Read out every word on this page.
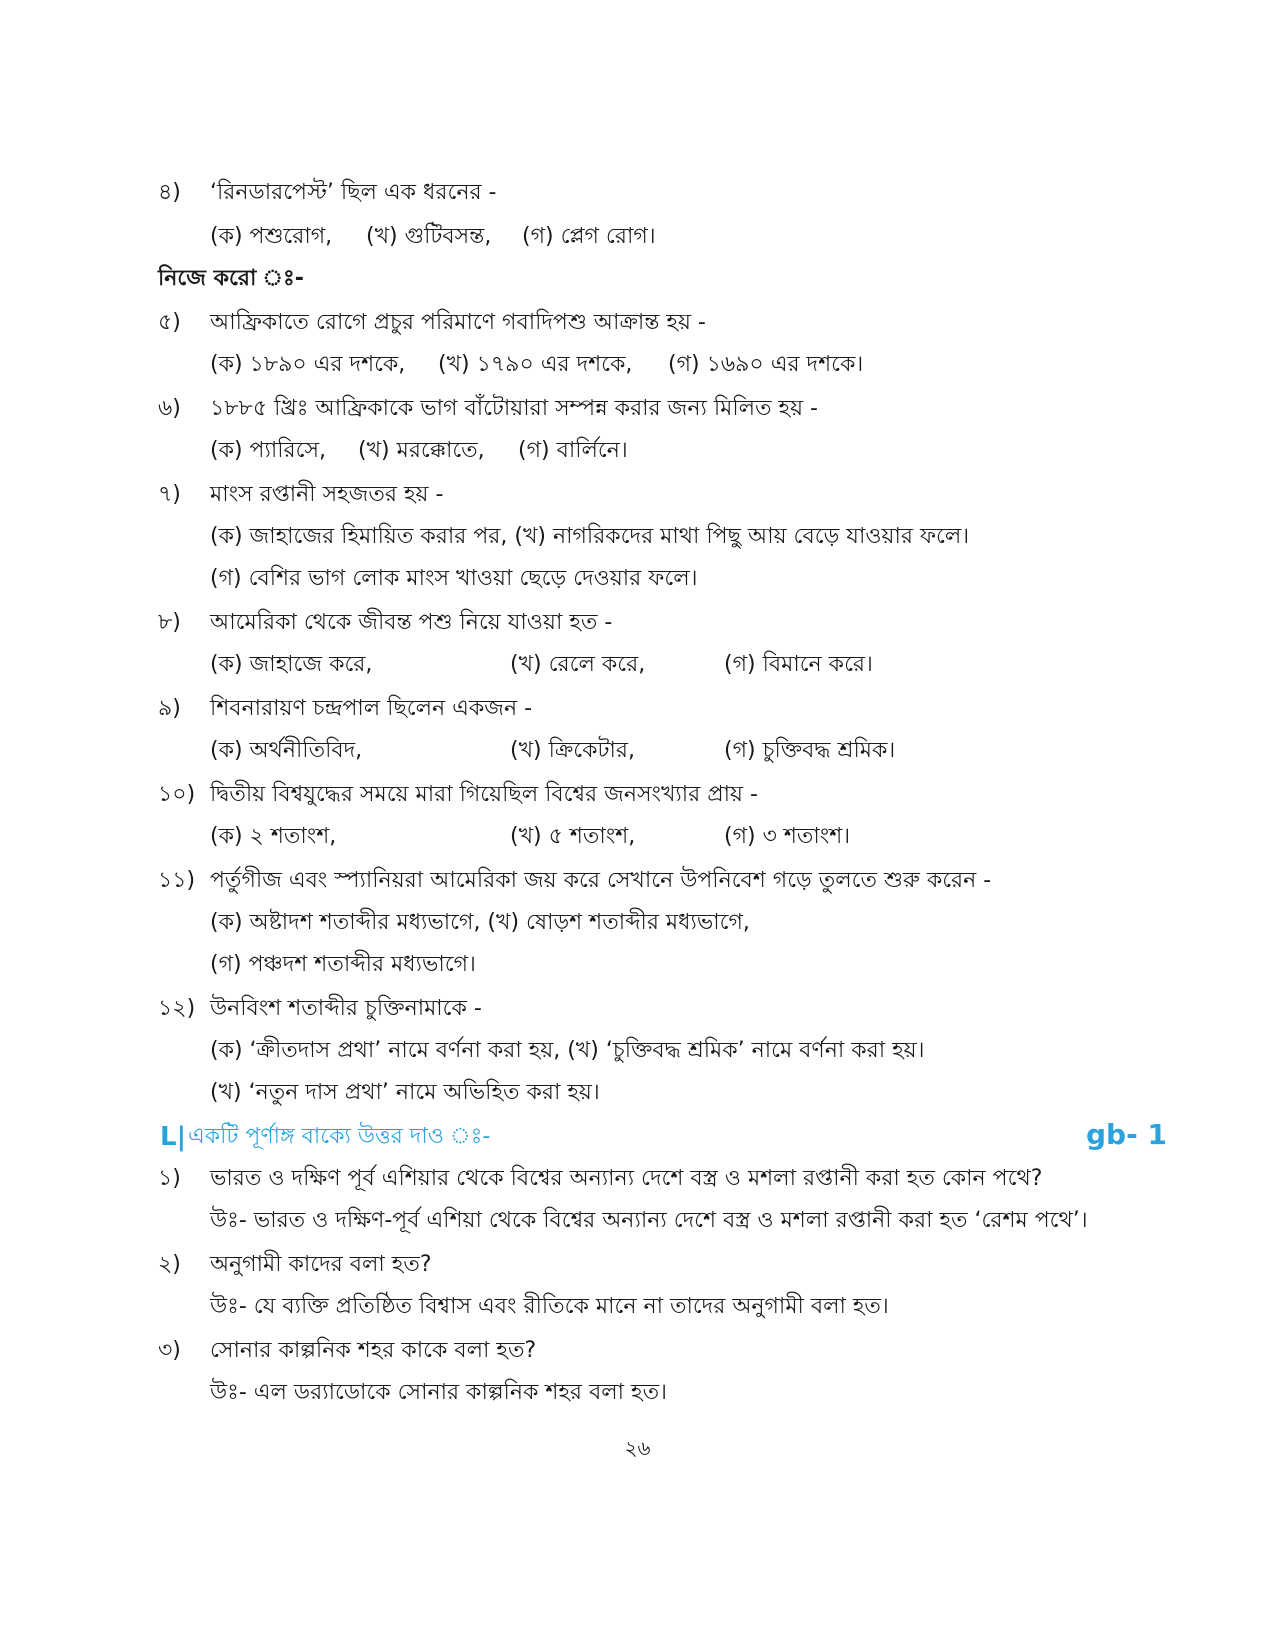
৪) ‘রিনডারপেস্ট’ ছিল এক ধরনের -
(ক) পশুরোগ, (খ) গুটিবসন্ত, (গ) প্লেগ রোগ।
নিজে করো ঃ-
৫) আফ্রিকাতে রোগে প্রচুর পরিমাণে গবাদিপশু আক্রান্ত হয় -
(ক) ১৮৯০ এর দশকে, (খ) ১৭৯০ এর দশকে, (গ) ১৬৯০ এর দশকে।
৬) ১৮৮৫ খ্রিঃ আফ্রিকাকে ভাগ বাঁটোয়ারা সম্পন্ন করার জন্য মিলিত হয় -
(ক) প্যারিসে, (খ) মরক্কোতে, (গ) বার্লিনে।
৭) মাংস রপ্তানী সহজতর হয় -
(ক) জাহাজের হিমায়িত করার পর, (খ) নাগরিকদের মাথা পিছু আয় বেড়ে যাওয়ার ফলে।
(গ) বেশির ভাগ লোক মাংস খাওয়া ছেড়ে দেওয়ার ফলে।
৮) আমেরিকা থেকে জীবন্ত পশু নিয়ে যাওয়া হত -
(ক) জাহাজে করে,	(খ) রেলে করে,	(গ) বিমানে করে।
৯) শিবনারায়ণ চন্দ্রপাল ছিলেন একজন -
(ক) অর্থনীতিবিদ,	(খ) ক্রিকেটার,	(গ) চুক্তিবদ্ধ শ্রমিক।
১০) দ্বিতীয় বিশ্বযুদ্ধের সময়ে মারা গিয়েছিল বিশ্বের জনসংখ্যার প্রায় -
(ক) ২ শতাংশ,	(খ) ৫ শতাংশ,	(গ) ৩ শতাংশ।
১১) পর্তুগীজ এবং স্প্যানিয়রা আমেরিকা জয় করে সেখানে উপনিবেশ গড়ে তুলতে শুরু করেন -
(ক) অষ্টাদশ শতাব্দীর মধ্যভাগে, (খ) ষোড়শ শতাব্দীর মধ্যভাগে,
(গ) পঞ্চদশ শতাব্দীর মধ্যভাগে।
১২) উনবিংশ শতাব্দীর চুক্তিনামাকে -
(ক) ‘ক্রীতদাস প্রথা’ নামে বর্ণনা করা হয়, (খ) ‘চুক্তিবদ্ধ শ্রমিক’ নামে বর্ণনা করা হয়।
(খ) ‘নতুন দাস প্রথা’ নামে অভিহিত করা হয়।
L| একটি পূর্ণাঙ্গ বাক্যে উত্তর দাও ঃ-	gb- 1
১) ভারত ও দক্ষিণ পূর্ব এশিয়ার থেকে বিশ্বের অন্যান্য দেশে বস্ত্র ও মশলা রপ্তানী করা হত কোন পথে?
উঃ- ভারত ও দক্ষিণ-পূর্ব এশিয়া থেকে বিশ্বের অন্যান্য দেশে বস্ত্র ও মশলা রপ্তানী করা হত ‘রেশম পথে’।
২) অনুগামী কাদের বলা হত?
উঃ- যে ব্যক্তি প্রতিষ্ঠিত বিশ্বাস এবং রীতিকে মানে না তাদের অনুগামী বলা হত।
৩) সোনার কাল্পনিক শহর কাকে বলা হত?
উঃ- এল ডর‍্যাডোকে সোনার কাল্পনিক শহর বলা হত।
২৬
